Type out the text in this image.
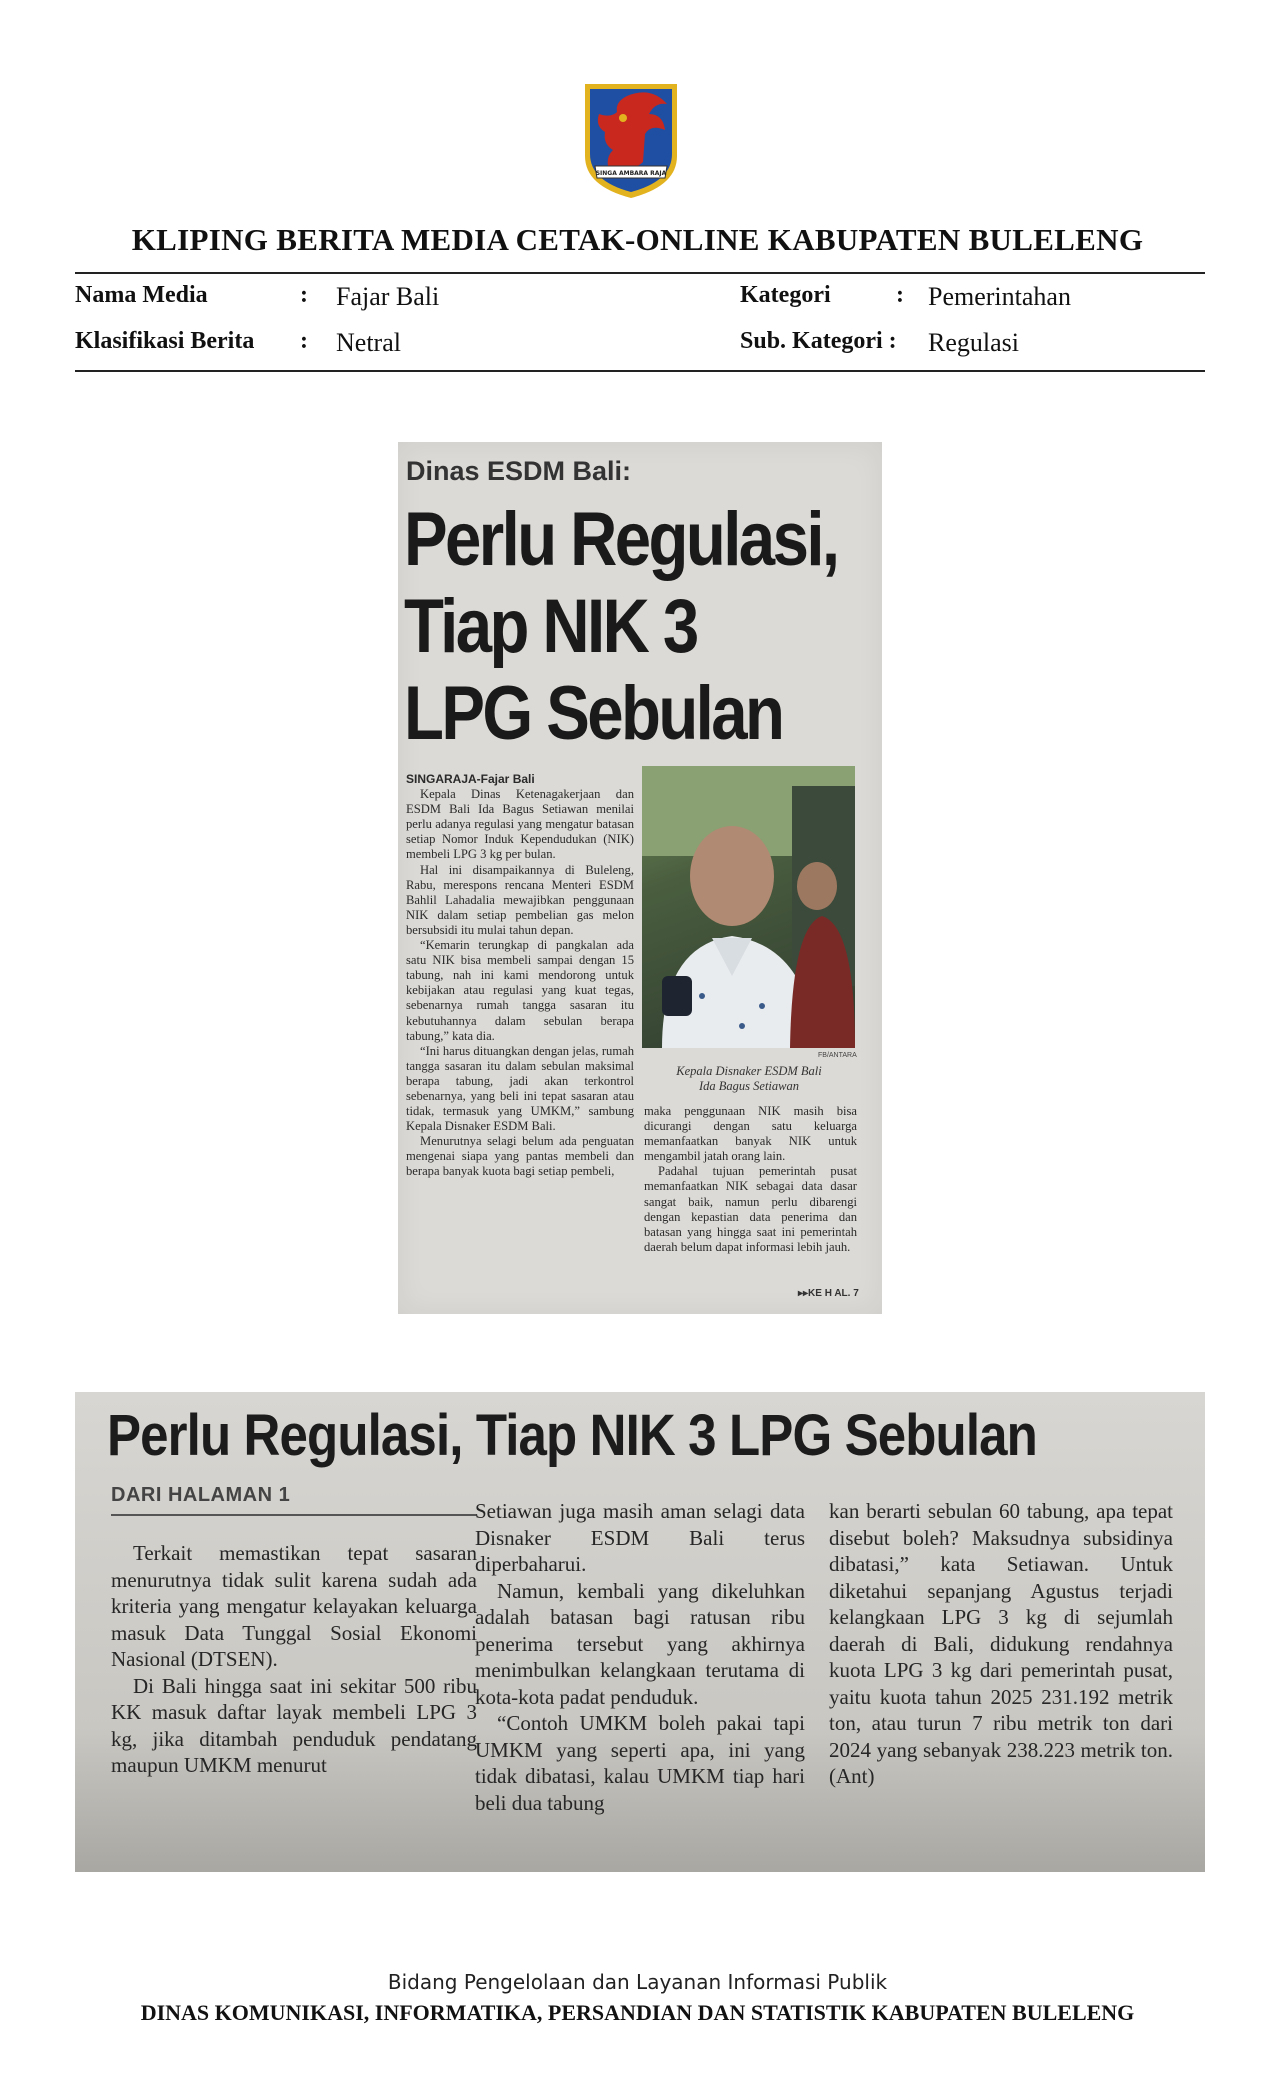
SINGA AMBARA RAJA
KLIPING BERITA MEDIA CETAK-ONLINE KABUPATEN BULELENG
Nama Media	: Fajar Bali	Kategori	: Pemerintahan
Klasifikasi Berita : Netral	Sub. Kategori : Regulasi
Dinas ESDM Bali:
Perlu Regulasi,
Tiap NIK 3
LPG Sebulan
SINGARAJA-Fajar Bali

Kepala Dinas Ketenagakerjaan dan ESDM Bali Ida Bagus Setiawan menilai perlu adanya regulasi yang mengatur batasan setiap Nomor Induk Kependudukan (NIK) membeli LPG 3 kg per bulan.

Hal ini disampaikannya di Buleleng, Rabu, merespons rencana Menteri ESDM Bahlil Lahadalia mewajibkan penggunaan NIK dalam setiap pembelian gas melon bersubsidi itu mulai tahun depan.

“Kemarin terungkap di pangkalan ada satu NIK bisa membeli sampai dengan 15 tabung, nah ini kami mendorong untuk kebijakan atau regulasi yang kuat tegas, sebenarnya rumah tangga sasaran itu kebutuhannya dalam sebulan berapa tabung,” kata dia.

“Ini harus dituangkan dengan jelas, rumah tangga sasaran itu dalam sebulan maksimal berapa tabung, jadi akan terkontrol sebenarnya, yang beli ini tepat sasaran atau tidak, termasuk yang UMKM,” sambung Kepala Disnaker ESDM Bali.

Menurutnya selagi belum ada penguatan mengenai siapa yang pantas membeli dan berapa banyak kuota bagi setiap pembeli,

FB/ANTARA
Kepala Disnaker ESDM Bali
Ida Bagus Setiawan

maka penggunaan NIK masih bisa dicurangi dengan satu keluarga memanfaatkan banyak NIK untuk mengambil jatah orang lain.

Padahal tujuan pemerintah pusat memanfaatkan NIK sebagai data dasar sangat baik, namun perlu dibarengi dengan kepastian data penerima dan batasan yang hingga saat ini pemerintah daerah belum dapat informasi lebih jauh.

▸▸KE H AL. 7
Perlu Regulasi, Tiap NIK 3 LPG Sebulan
DARI HALAMAN 1

Terkait memastikan tepat sasaran menurutnya tidak sulit karena sudah ada kriteria yang mengatur kelayakan keluarga masuk Data Tunggal Sosial Ekonomi Nasional (DTSEN).

Di Bali hingga saat ini sekitar 500 ribu KK masuk daftar layak membeli LPG 3 kg, jika ditambah penduduk pendatang maupun UMKM menurut

Setiawan juga masih aman selagi data Disnaker ESDM Bali terus diperbaharui.

Namun, kembali yang dikeluhkan adalah batasan bagi ratusan ribu penerima tersebut yang akhirnya menimbulkan kelangkaan terutama di kota-kota padat penduduk.

“Contoh UMKM boleh pakai tapi UMKM yang seperti apa, ini yang tidak dibatasi, kalau UMKM tiap hari beli dua tabung

kan berarti sebulan 60 tabung, apa tepat disebut boleh? Maksudnya subsidinya dibatasi,” kata Setiawan. Untuk diketahui sepanjang Agustus terjadi kelangkaan LPG 3 kg di sejumlah daerah di Bali, didukung rendahnya kuota LPG 3 kg dari pemerintah pusat, yaitu kuota tahun 2025 231.192 metrik ton, atau turun 7 ribu metrik ton dari 2024 yang sebanyak 238.223 metrik ton. (Ant)

Bidang Pengelolaan dan Layanan Informasi Publik
DINAS KOMUNIKASI, INFORMATIKA, PERSANDIAN DAN STATISTIK KABUPATEN BULELENG
